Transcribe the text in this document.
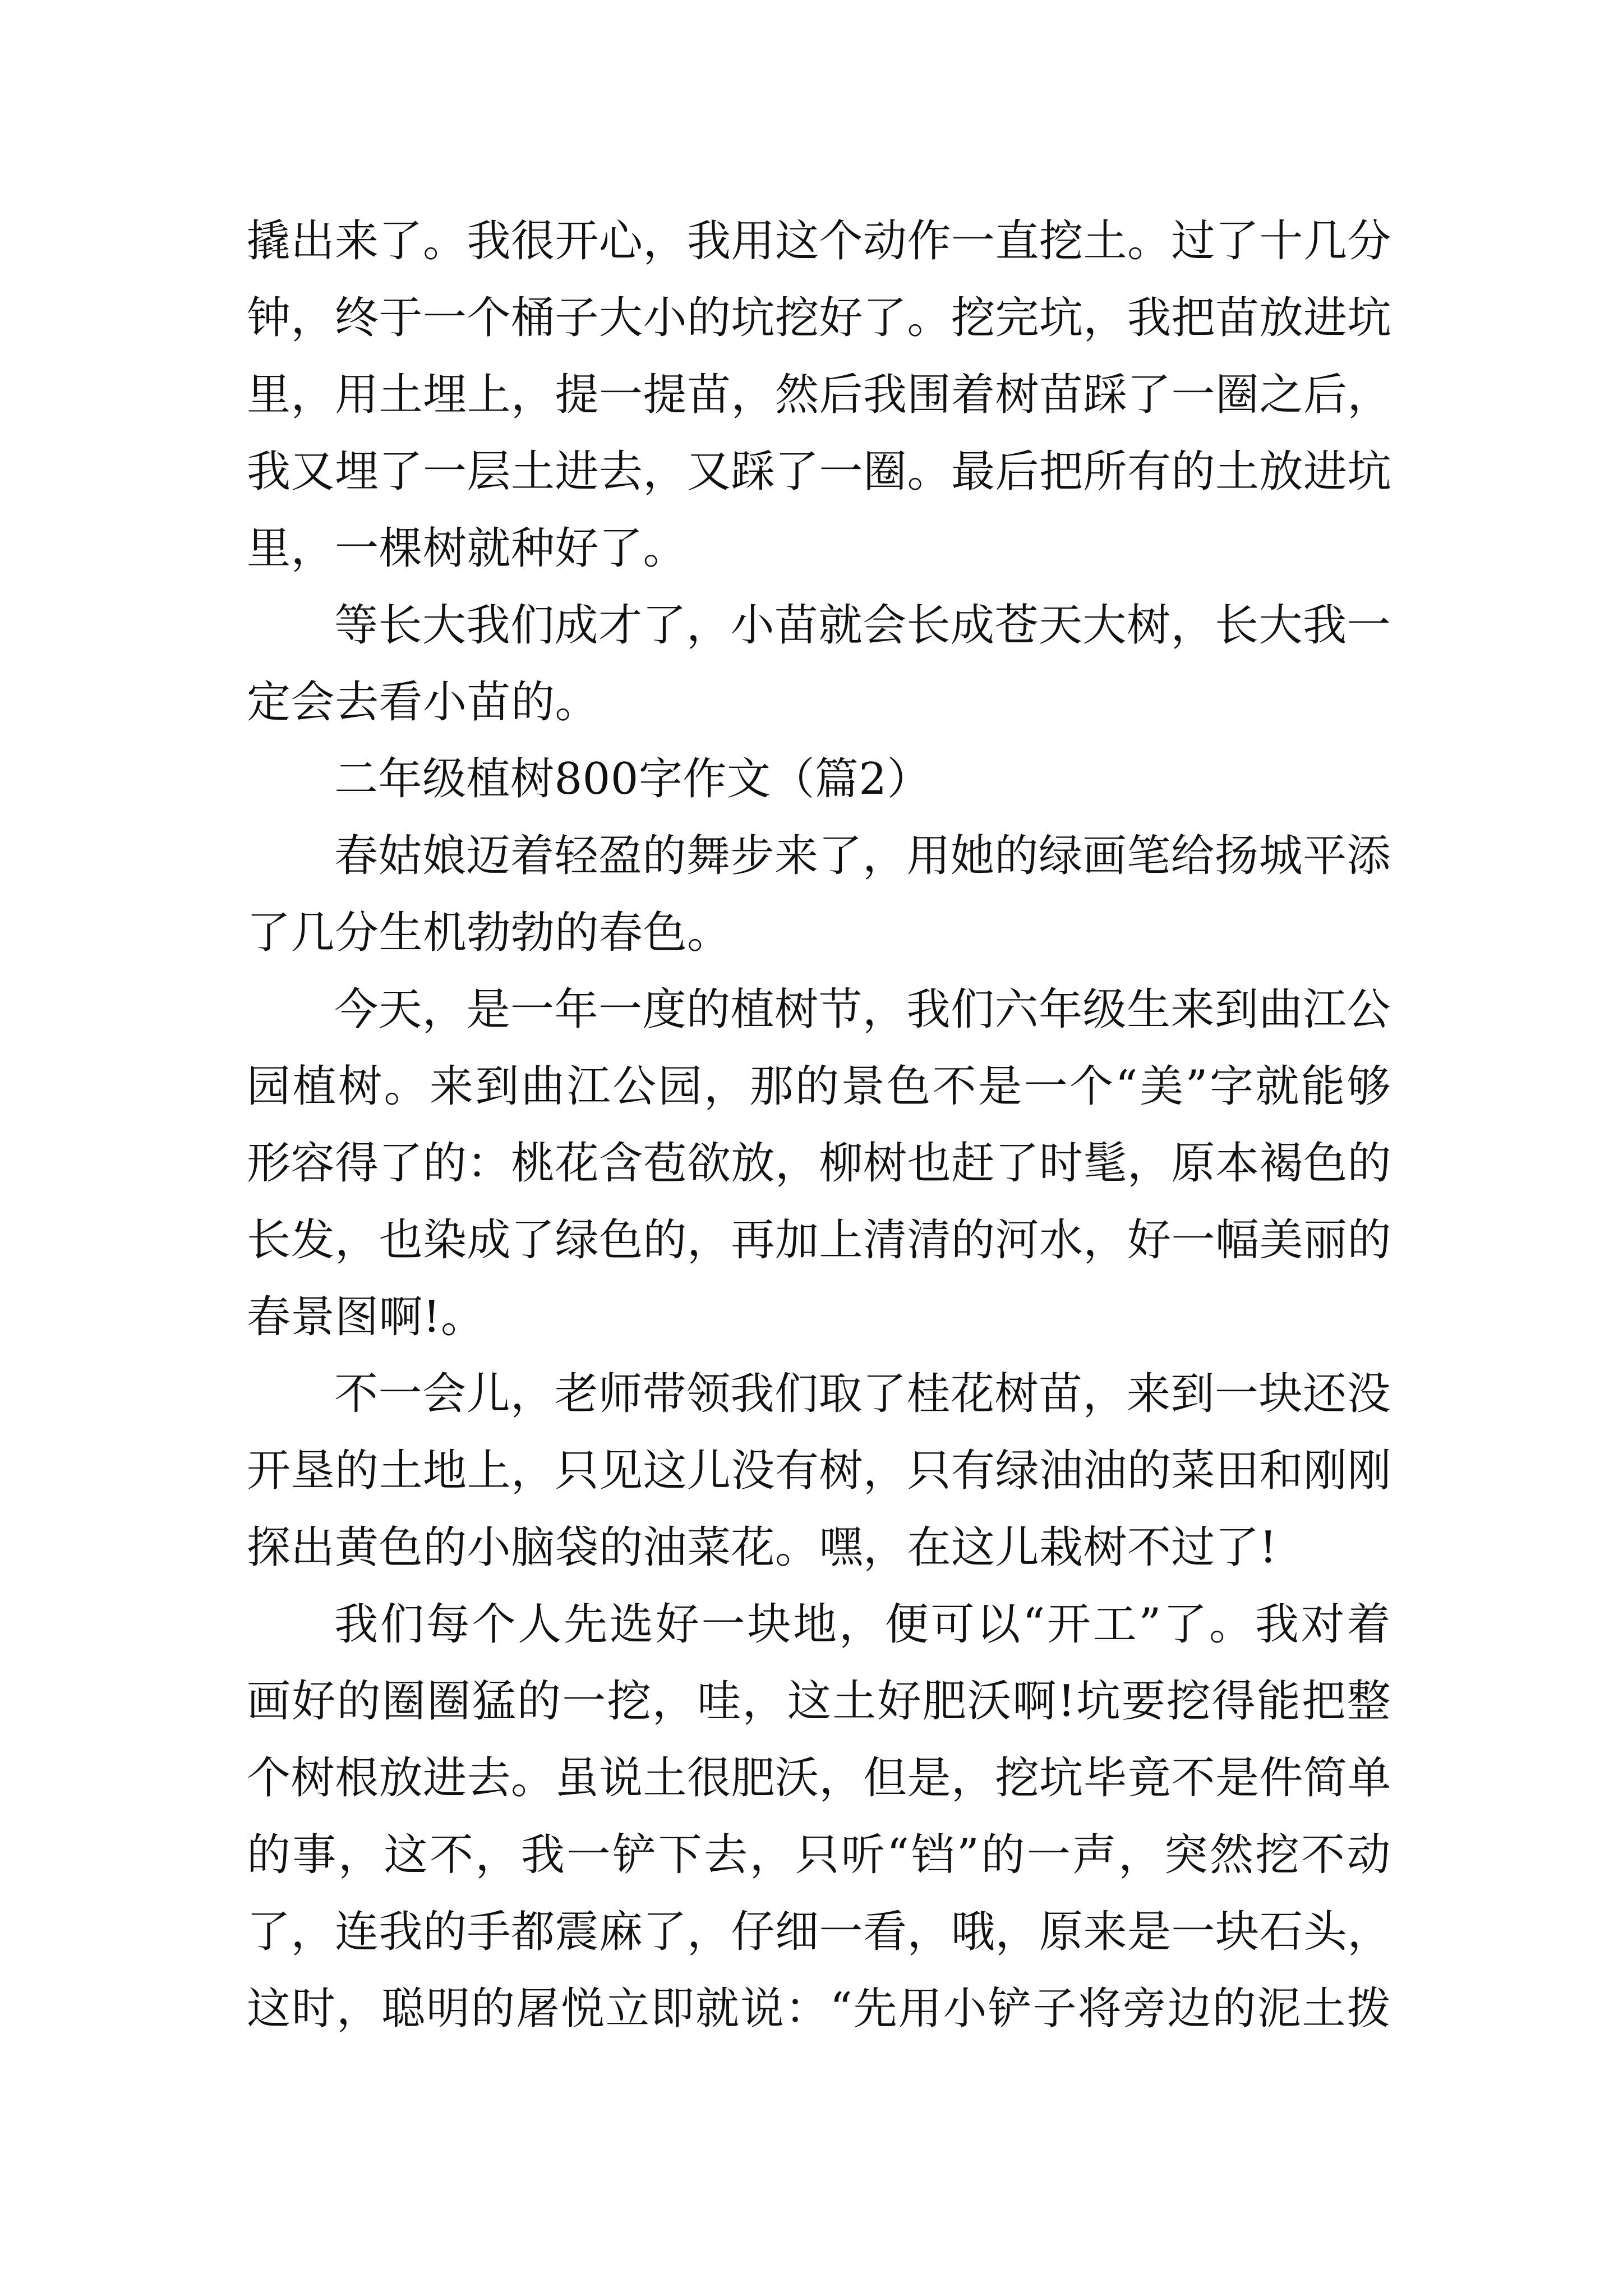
撬出来了。我很开心，我用这个动作一直挖土。过了十几分
钟，终于一个桶子大小的坑挖好了。挖完坑，我把苗放进坑
里，用土埋上，提一提苗，然后我围着树苗踩了一圈之后，
我又埋了一层土进去，又踩了一圈。最后把所有的土放进坑
里，一棵树就种好了。
等长大我们成才了，小苗就会长成苍天大树，长大我一
定会去看小苗的。
二年级植树800字作文（篇2）
春姑娘迈着轻盈的舞步来了，用她的绿画笔给扬城平添
了几分生机勃勃的春色。
今天，是一年一度的植树节，我们六年级生来到曲江公
园植树。来到曲江公园，那的景色不是一个“美”字就能够
形容得了的：桃花含苞欲放，柳树也赶了时髦，原本褐色的
长发，也染成了绿色的，再加上清清的河水，好一幅美丽的
春景图啊!。
不一会儿，老师带领我们取了桂花树苗，来到一块还没
开垦的土地上，只见这儿没有树，只有绿油油的菜田和刚刚
探出黄色的小脑袋的油菜花。嘿，在这儿栽树不过了!
我们每个人先选好一块地，便可以“开工”了。我对着
画好的圈圈猛的一挖，哇，这土好肥沃啊!坑要挖得能把整
个树根放进去。虽说土很肥沃，但是，挖坑毕竟不是件简单
的事，这不，我一铲下去，只听“铛”的一声，突然挖不动
了，连我的手都震麻了，仔细一看，哦，原来是一块石头，
这时，聪明的屠悦立即就说：“先用小铲子将旁边的泥土拨
